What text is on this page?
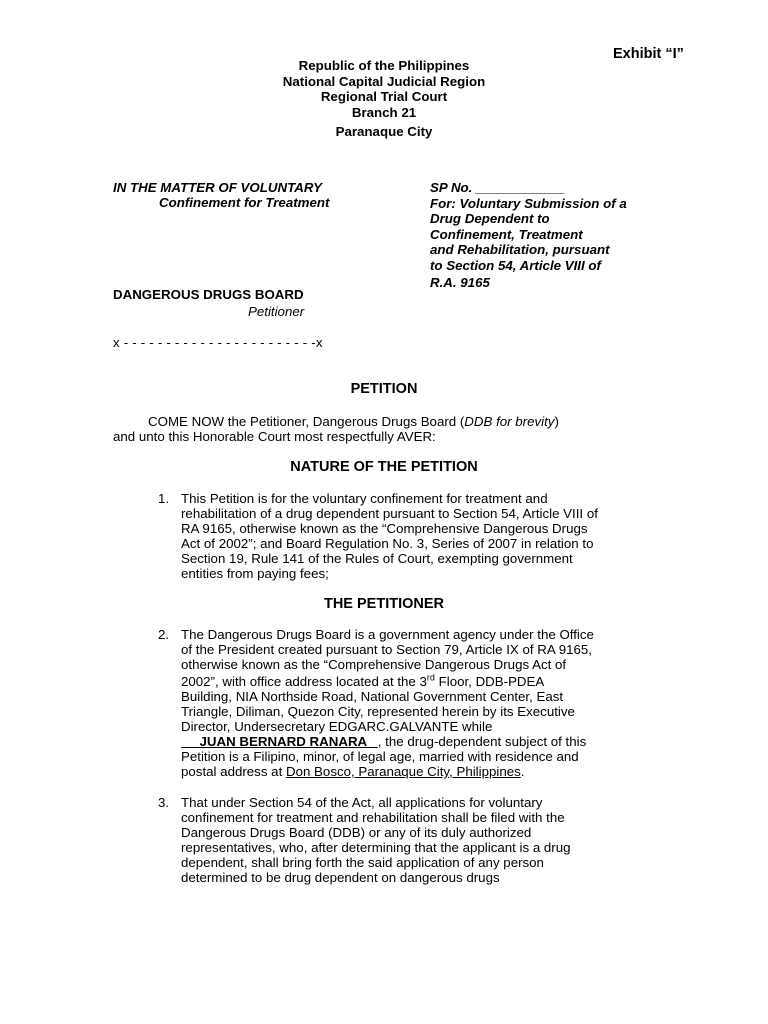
Exhibit “I”
Republic of the Philippines
National Capital Judicial Region
Regional Trial Court
Branch 21
Paranaque City
IN THE MATTER OF VOLUNTARY
Confinement for Treatment
SP No. ____________
For: Voluntary Submission of a
Drug Dependent to
Confinement, Treatment
and Rehabilitation, pursuant
to Section 54, Article VIII of
R.A. 9165
DANGEROUS DRUGS BOARD
Petitioner
x - - - - - - - - - - - - - - - - - - - - - - -x
PETITION
COME NOW the Petitioner, Dangerous Drugs Board (DDB for brevity)
and unto this Honorable Court most respectfully AVER:
NATURE OF THE PETITION
1. This Petition is for the voluntary confinement for treatment and
rehabilitation of a drug dependent pursuant to Section 54, Article VIII of
RA 9165, otherwise known as the “Comprehensive Dangerous Drugs
Act of 2002”; and Board Regulation No. 3, Series of 2007 in relation to
Section 19, Rule 141 of the Rules of Court, exempting government
entities from paying fees;
THE PETITIONER
2. The Dangerous Drugs Board is a government agency under the Office
of the President created pursuant to Section 79, Article IX of RA 9165,
otherwise known as the “Comprehensive Dangerous Drugs Act of
2002”, with office address located at the 3rd Floor, DDB-PDEA
Building, NIA Northside Road, National Government Center, East
Triangle, Diliman, Quezon City, represented herein by its Executive
Director, Undersecretary EDGARC.GALVANTE while
JUAN BERNARD RANARA   , the drug-dependent subject of this
Petition is a Filipino, minor, of legal age, married with residence and
postal address at Don Bosco, Paranaque City, Philippines.
3. That under Section 54 of the Act, all applications for voluntary
confinement for treatment and rehabilitation shall be filed with the
Dangerous Drugs Board (DDB) or any of its duly authorized
representatives, who, after determining that the applicant is a drug
dependent, shall bring forth the said application of any person
determined to be drug dependent on dangerous drugs
